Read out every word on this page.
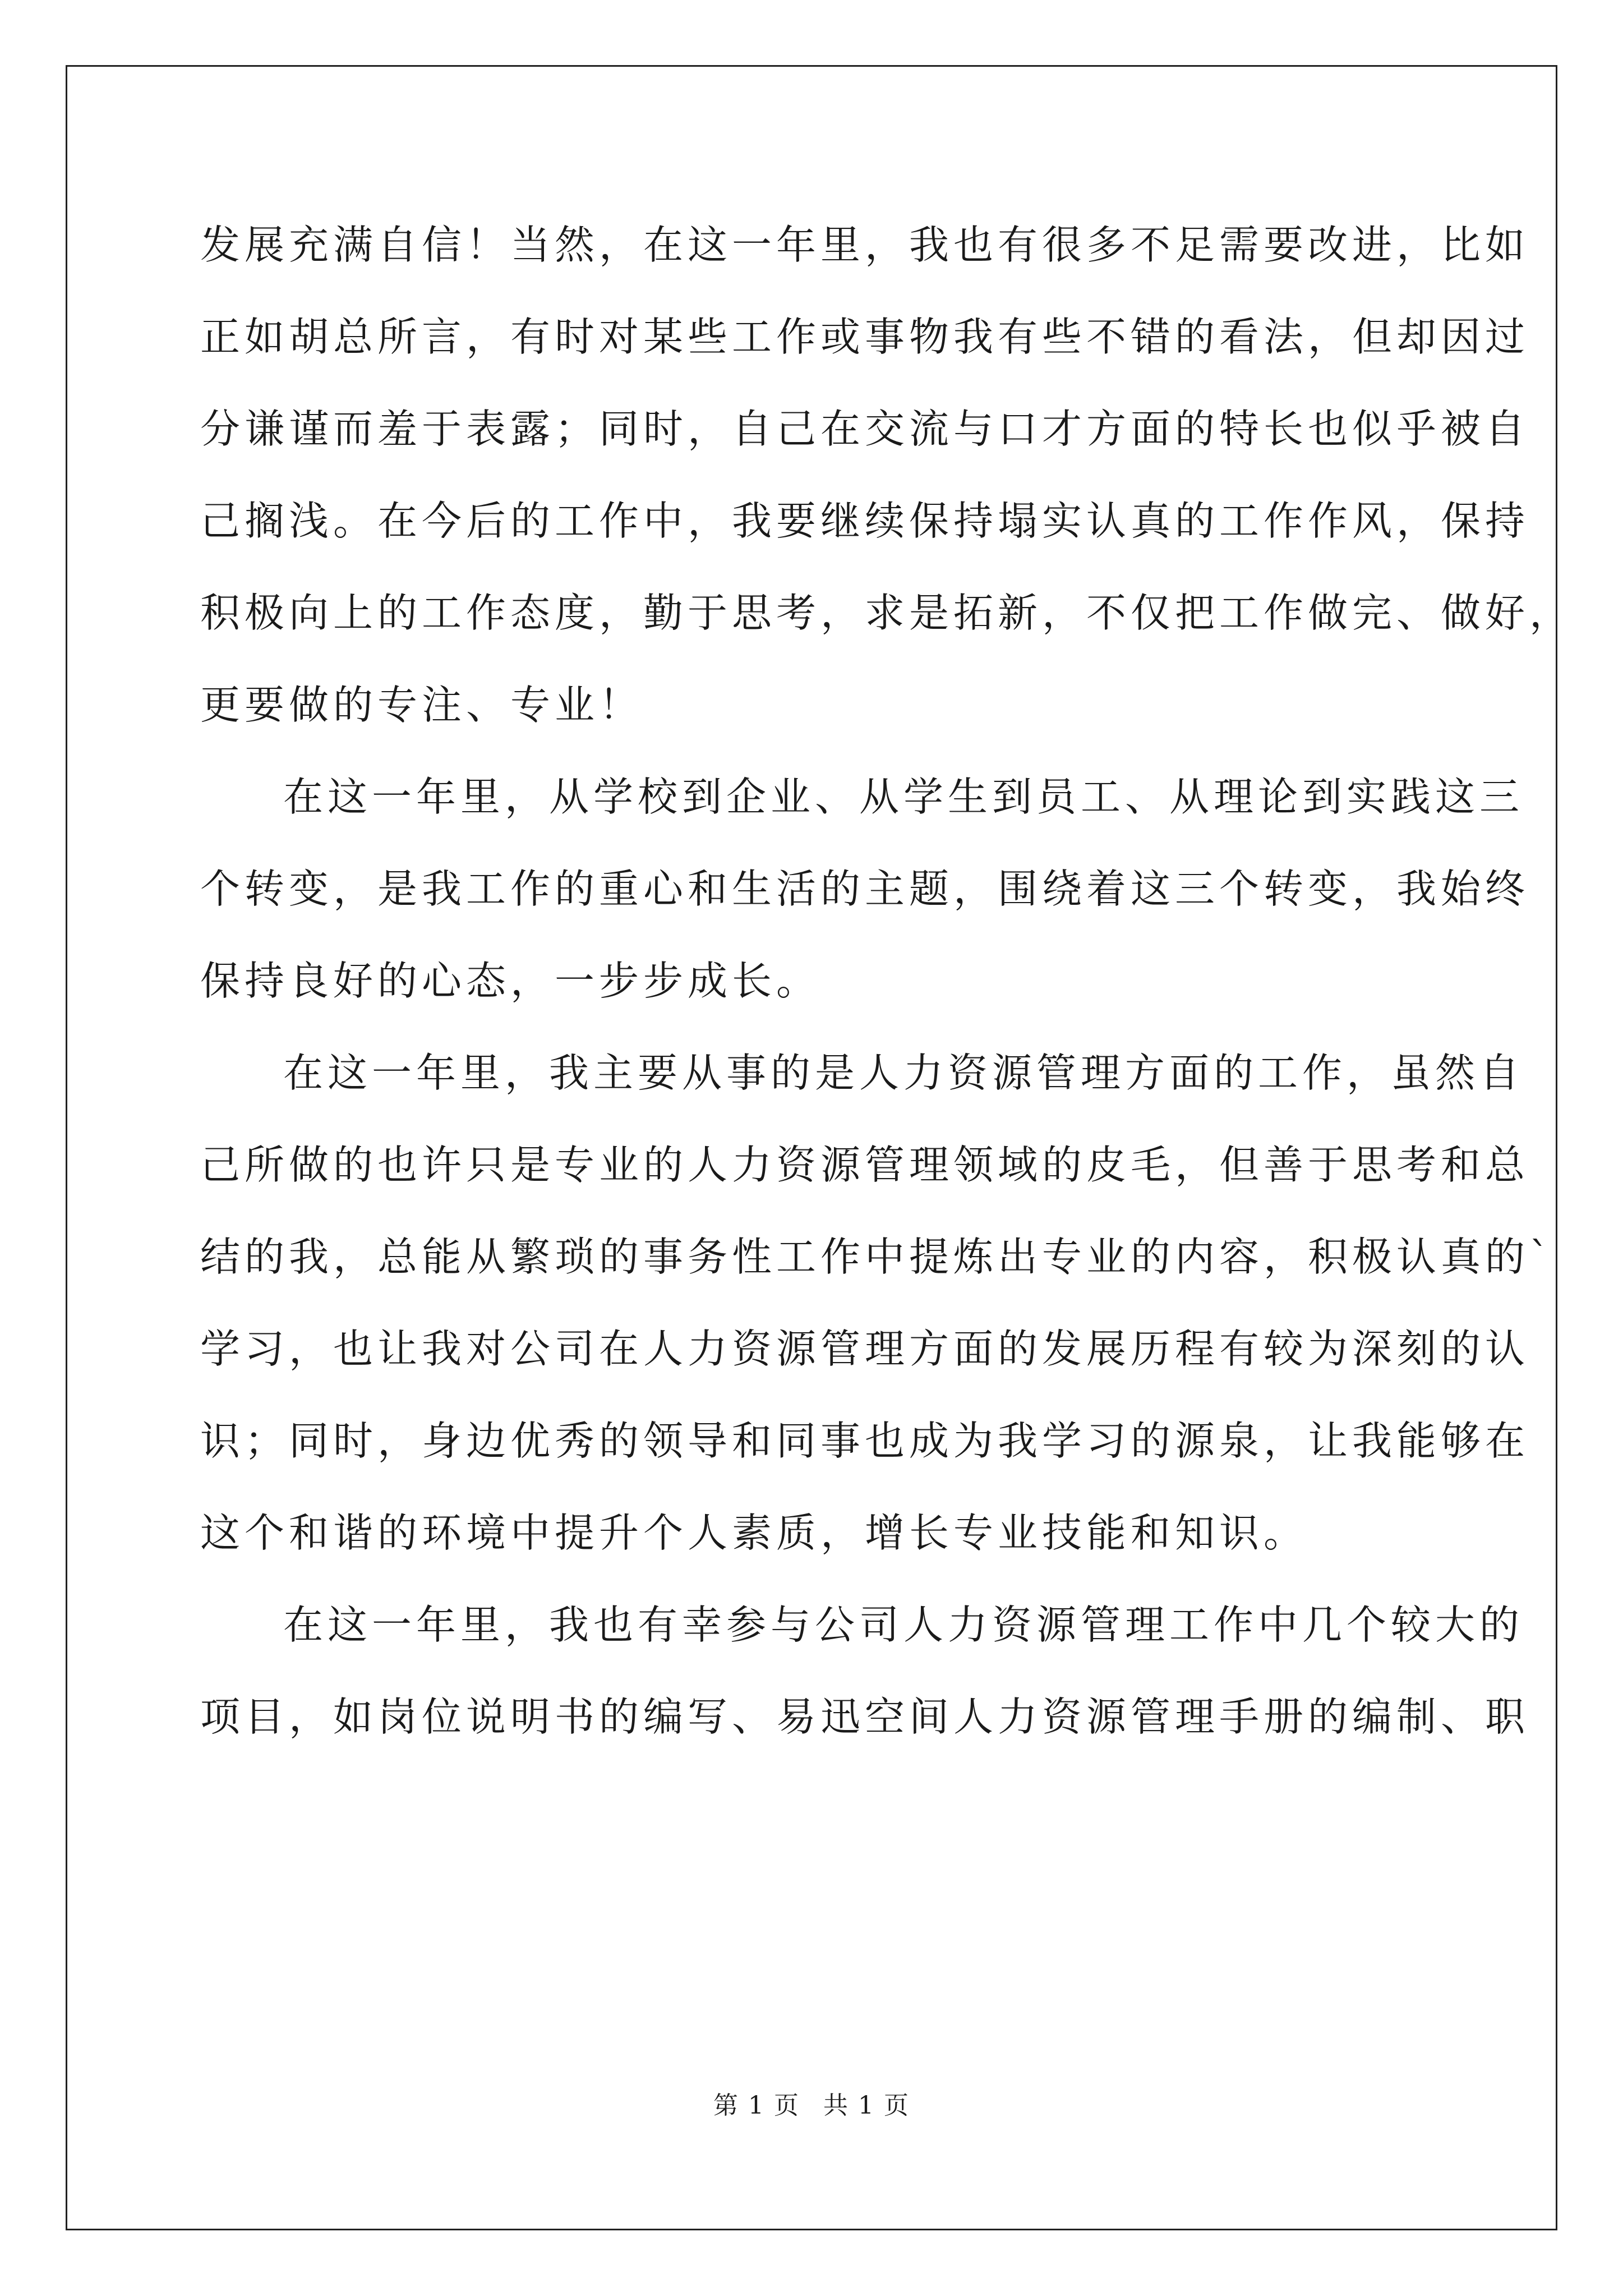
发展充满自信！当然，在这一年里，我也有很多不足需要改进，比如
正如胡总所言，有时对某些工作或事物我有些不错的看法，但却因过
分谦谨而羞于表露；同时，自己在交流与口才方面的特长也似乎被自
己搁浅。在今后的工作中，我要继续保持塌实认真的工作作风，保持
积极向上的工作态度，勤于思考，求是拓新，不仅把工作做完、做好，
更要做的专注、专业！
在这一年里，从学校到企业、从学生到员工、从理论到实践这三
个转变，是我工作的重心和生活的主题，围绕着这三个转变，我始终
保持良好的心态，一步步成长。
在这一年里，我主要从事的是人力资源管理方面的工作，虽然自
己所做的也许只是专业的人力资源管理领域的皮毛，但善于思考和总
结的我，总能从繁琐的事务性工作中提炼出专业的内容，积极认真的`
学习，也让我对公司在人力资源管理方面的发展历程有较为深刻的认
识；同时，身边优秀的领导和同事也成为我学习的源泉，让我能够在
这个和谐的环境中提升个人素质，增长专业技能和知识。
在这一年里，我也有幸参与公司人力资源管理工作中几个较大的
项目，如岗位说明书的编写、易迅空间人力资源管理手册的编制、职
第 1 页 共 1 页
